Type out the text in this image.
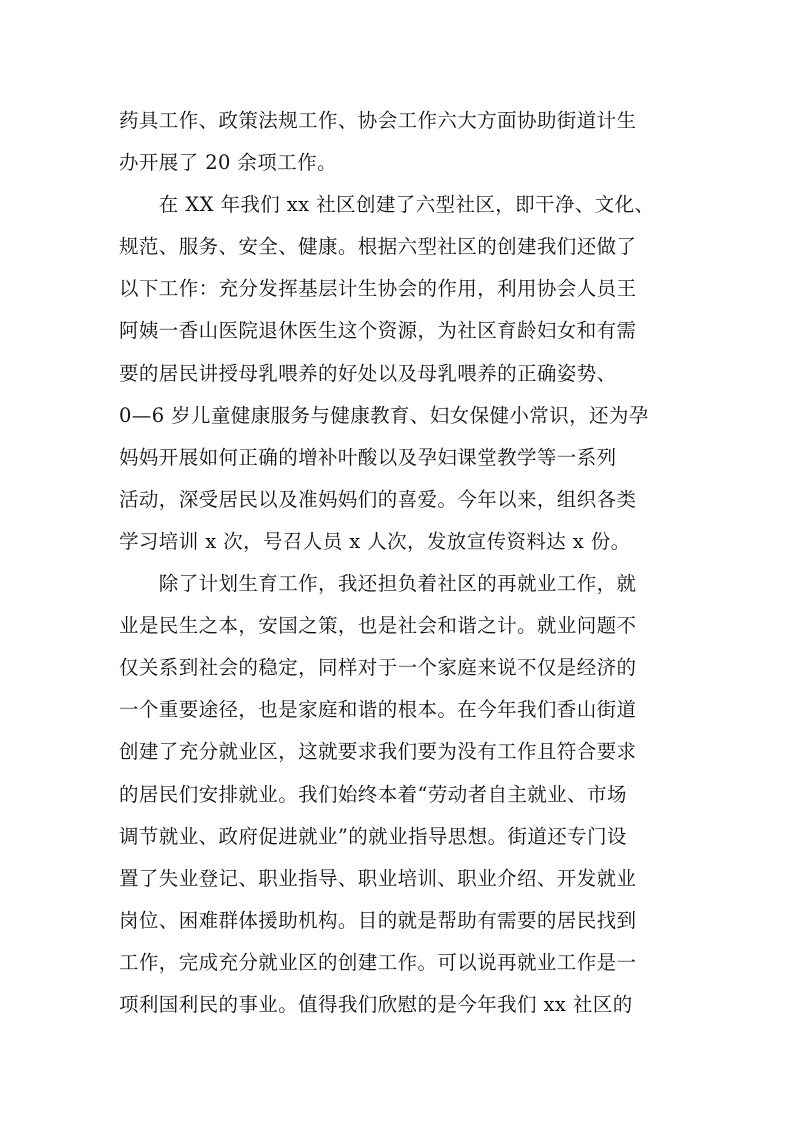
药具工作、政策法规工作、协会工作六大方面协助街道计生
办开展了 20 余项工作。
　　在 XX 年我们 xx 社区创建了六型社区，即干净、文化、
规范、服务、安全、健康。根据六型社区的创建我们还做了
以下工作：充分发挥基层计生协会的作用，利用协会人员王
阿姨一香山医院退休医生这个资源，为社区育龄妇女和有需
要的居民讲授母乳喂养的好处以及母乳喂养的正确姿势、
0—6 岁儿童健康服务与健康教育、妇女保健小常识，还为孕
妈妈开展如何正确的增补叶酸以及孕妇课堂教学等一系列
活动，深受居民以及准妈妈们的喜爱。今年以来，组织各类
学习培训 x 次，号召人员 x 人次，发放宣传资料达 x 份。
　　除了计划生育工作，我还担负着社区的再就业工作，就
业是民生之本，安国之策，也是社会和谐之计。就业问题不
仅关系到社会的稳定，同样对于一个家庭来说不仅是经济的
一个重要途径，也是家庭和谐的根本。在今年我们香山街道
创建了充分就业区，这就要求我们要为没有工作且符合要求
的居民们安排就业。我们始终本着“劳动者自主就业、市场
调节就业、政府促进就业”的就业指导思想。街道还专门设
置了失业登记、职业指导、职业培训、职业介绍、开发就业
岗位、困难群体援助机构。目的就是帮助有需要的居民找到
工作，完成充分就业区的创建工作。可以说再就业工作是一
项利国利民的事业。值得我们欣慰的是今年我们 xx 社区的
